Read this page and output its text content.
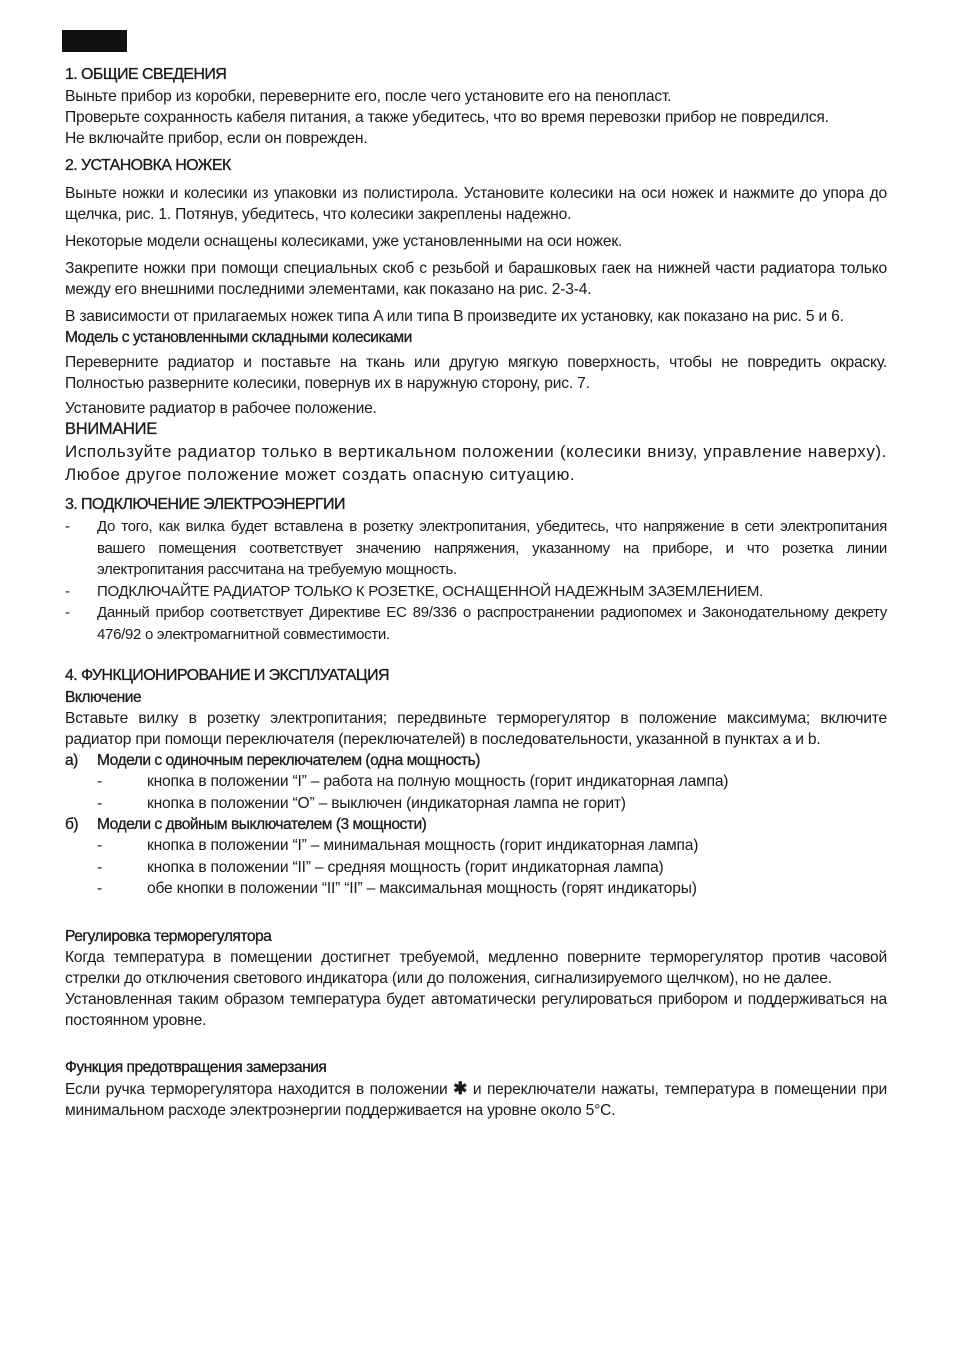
1. ОБЩИЕ СВЕДЕНИЯ

Выньте прибор из коробки, переверните его, после чего установите его на пенопласт.

Проверьте сохранность кабеля питания, а также убедитесь, что во время перевозки прибор не повредился.

Не включайте прибор, если он поврежден.

2. УСТАНОВКА НОЖЕК

Выньте ножки и колесики из упаковки из полистирола. Установите колесики на оси ножек и нажмите до упора до щелчка, рис. 1. Потянув, убедитесь, что колесики закреплены надежно.

Некоторые модели оснащены колесиками, уже установленными на оси ножек.

Закрепите ножки при помощи специальных скоб с резьбой и барашковых гаек на нижней части радиатора только между его внешними последними элементами, как показано на рис. 2-3-4.

В зависимости от прилагаемых ножек типа A или типа B произведите их установку, как показано на рис. 5 и 6.

Модель с установленными складными колесиками

Переверните радиатор и поставьте на ткань или другую мягкую поверхность, чтобы не повредить окраску. Полностью разверните колесики, повернув их в наружную сторону, рис. 7.

Установите радиатор в рабочее положение.

ВНИМАНИЕ

Используйте радиатор только в вертикальном положении (колесики внизу, управление наверху). Любое другое положение может создать опасную ситуацию.

3. ПОДКЛЮЧЕНИЕ ЭЛЕКТРОЭНЕРГИИ
- До того, как вилка будет вставлена в розетку электропитания, убедитесь, что напряжение в сети электропитания вашего помещения соответствует значению напряжения, указанному на приборе, и что розетка линии электропитания рассчитана на требуемую мощность.
- ПОДКЛЮЧАЙТЕ РАДИАТОР ТОЛЬКО К РОЗЕТКЕ, ОСНАЩЕННОЙ НАДЕЖНЫМ ЗАЗЕМЛЕНИЕМ.
- Данный прибор соответствует Директиве ЕС 89/336 о распространении радиопомех и Законодательному декрету 476/92 о электромагнитной совместимости.
4. ФУНКЦИОНИРОВАНИЕ И ЭКСПЛУАТАЦИЯ
Включение

Вставьте вилку в розетку электропитания; передвиньте терморегулятор в положение максимума; включите радиатор при помощи переключателя (переключателей) в последовательности, указанной в пунктах a и b.

а) Модели с одиночным переключателем (одна мощность)
-	кнопка в положении “I” – работа на полную мощность (горит индикаторная лампа)
-	кнопка в положении “O” – выключен (индикаторная лампа не горит)
б) Модели с двойным выключателем (3 мощности)
-	кнопка в положении “I” – минимальная мощность (горит индикаторная лампа)
-	кнопка в положении “II” – средняя мощность (горит индикаторная лампа)
-	обе кнопки в положении “II” “II” – максимальная мощность (горят индикаторы)
Регулировка терморегулятора

Когда температура в помещении достигнет требуемой, медленно поверните терморегулятор против часовой стрелки до отключения светового индикатора (или до положения, сигнализируемого щелчком), но не далее.

Установленная таким образом температура будет автоматически регулироваться прибором и поддерживаться на постоянном уровне.

Функция предотвращения замерзания

Если ручка терморегулятора находится в положении ✱ и переключатели нажаты, температура в помещении при минимальном расходе электроэнергии поддерживается на уровне около 5°C.
